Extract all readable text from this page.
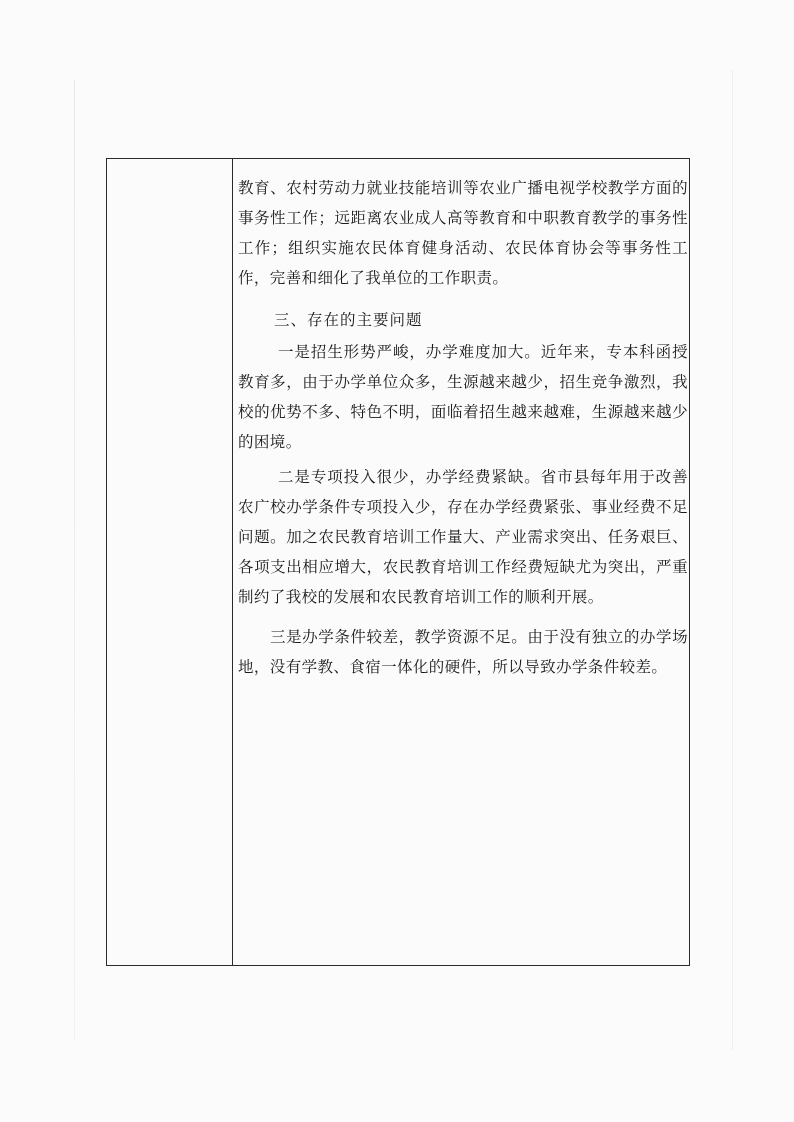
教育、农村劳动力就业技能培训等农业广播电视学校教学方面的事务性工作；远距离农业成人高等教育和中职教育教学的事务性工作；组织实施农民体育健身活动、农民体育协会等事务性工作，完善和细化了我单位的工作职责。

三、存在的主要问题

一是招生形势严峻，办学难度加大。近年来，专本科函授教育多，由于办学单位众多，生源越来越少，招生竞争激烈，我校的优势不多、特色不明，面临着招生越来越难，生源越来越少的困境。

二是专项投入很少，办学经费紧缺。省市县每年用于改善农广校办学条件专项投入少，存在办学经费紧张、事业经费不足问题。加之农民教育培训工作量大、产业需求突出、任务艰巨、各项支出相应增大，农民教育培训工作经费短缺尤为突出，严重制约了我校的发展和农民教育培训工作的顺利开展。

三是办学条件较差，教学资源不足。由于没有独立的办学场地，没有学教、食宿一体化的硬件，所以导致办学条件较差。
